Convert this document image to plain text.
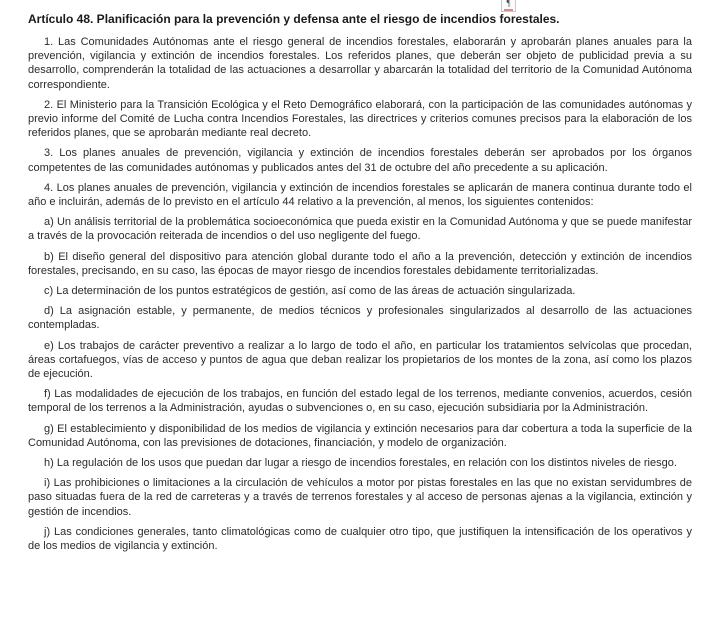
¶

Artículo 48. Planificación para la prevención y defensa ante el riesgo de incendios forestales.

1. Las Comunidades Autónomas ante el riesgo general de incendios forestales, elaborarán y aprobarán planes anuales para la prevención, vigilancia y extinción de incendios forestales. Los referidos planes, que deberán ser objeto de publicidad previa a su desarrollo, comprenderán la totalidad de las actuaciones a desarrollar y abarcarán la totalidad del territorio de la Comunidad Autónoma correspondiente.

2. El Ministerio para la Transición Ecológica y el Reto Demográfico elaborará, con la participación de las comunidades autónomas y previo informe del Comité de Lucha contra Incendios Forestales, las directrices y criterios comunes precisos para la elaboración de los referidos planes, que se aprobarán mediante real decreto.

3. Los planes anuales de prevención, vigilancia y extinción de incendios forestales deberán ser aprobados por los órganos competentes de las comunidades autónomas y publicados antes del 31 de octubre del año precedente a su aplicación.

4. Los planes anuales de prevención, vigilancia y extinción de incendios forestales se aplicarán de manera continua durante todo el año e incluirán, además de lo previsto en el artículo 44 relativo a la prevención, al menos, los siguientes contenidos:

a) Un análisis territorial de la problemática socioeconómica que pueda existir en la Comunidad Autónoma y que se puede manifestar a través de la provocación reiterada de incendios o del uso negligente del fuego.

b) El diseño general del dispositivo para atención global durante todo el año a la prevención, detección y extinción de incendios forestales, precisando, en su caso, las épocas de mayor riesgo de incendios forestales debidamente territorializadas.

c) La determinación de los puntos estratégicos de gestión, así como de las áreas de actuación singularizada.

d) La asignación estable, y permanente, de medios técnicos y profesionales singularizados al desarrollo de las actuaciones contempladas.

e) Los trabajos de carácter preventivo a realizar a lo largo de todo el año, en particular los tratamientos selvícolas que procedan, áreas cortafuegos, vías de acceso y puntos de agua que deban realizar los propietarios de los montes de la zona, así como los plazos de ejecución.

f) Las modalidades de ejecución de los trabajos, en función del estado legal de los terrenos, mediante convenios, acuerdos, cesión temporal de los terrenos a la Administración, ayudas o subvenciones o, en su caso, ejecución subsidiaria por la Administración.

g) El establecimiento y disponibilidad de los medios de vigilancia y extinción necesarios para dar cobertura a toda la superficie de la Comunidad Autónoma, con las previsiones de dotaciones, financiación, y modelo de organización.

h) La regulación de los usos que puedan dar lugar a riesgo de incendios forestales, en relación con los distintos niveles de riesgo.

i) Las prohibiciones o limitaciones a la circulación de vehículos a motor por pistas forestales en las que no existan servidumbres de paso situadas fuera de la red de carreteras y a través de terrenos forestales y al acceso de personas ajenas a la vigilancia, extinción y gestión de incendios.

j) Las condiciones generales, tanto climatológicas como de cualquier otro tipo, que justifiquen la intensificación de los operativos y de los medios de vigilancia y extinción.
